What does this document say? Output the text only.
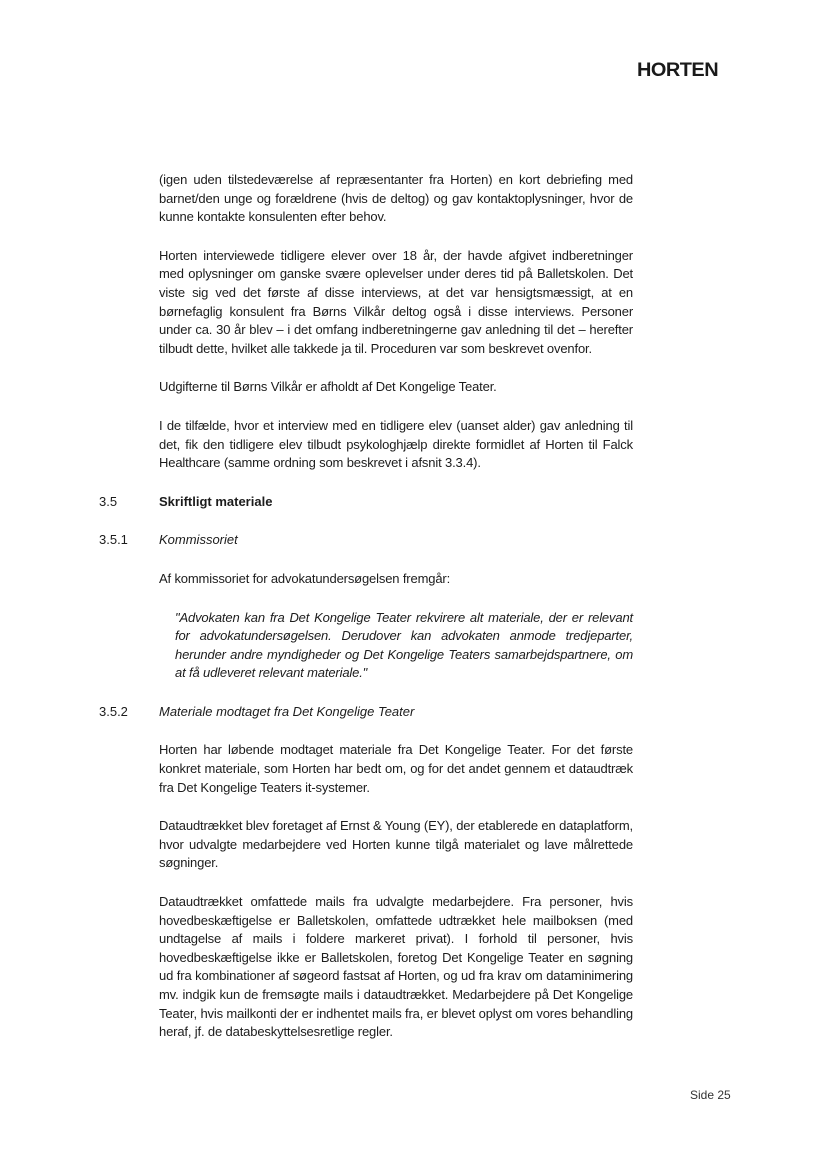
HORTEN

(igen uden tilstedeværelse af repræsentanter fra Horten) en kort debriefing med barnet/den unge og forældrene (hvis de deltog) og gav kontaktoplysninger, hvor de kunne kontakte konsulenten efter behov.

Horten interviewede tidligere elever over 18 år, der havde afgivet indberetninger med oplysninger om ganske svære oplevelser under deres tid på Balletskolen. Det viste sig ved det første af disse interviews, at det var hensigtsmæssigt, at en børnefaglig konsulent fra Børns Vilkår deltog også i disse interviews. Personer under ca. 30 år blev – i det omfang indberetningerne gav anledning til det – herefter tilbudt dette, hvilket alle takkede ja til. Proceduren var som beskrevet ovenfor.

Udgifterne til Børns Vilkår er afholdt af Det Kongelige Teater.

I de tilfælde, hvor et interview med en tidligere elev (uanset alder) gav anledning til det, fik den tidligere elev tilbudt psykologhjælp direkte formidlet af Horten til Falck Healthcare (samme ordning som beskrevet i afsnit 3.3.4).

3.5	Skriftligt materiale
3.5.1 Kommissoriet

Af kommissoriet for advokatundersøgelsen fremgår:

"Advokaten kan fra Det Kongelige Teater rekvirere alt materiale, der er relevant for advokatundersøgelsen. Derudover kan advokaten anmode tredjeparter, herunder andre myndigheder og Det Kongelige Teaters samarbejdspartnere, om at få udleveret relevant materiale."

3.5.2 Materiale modtaget fra Det Kongelige Teater

Horten har løbende modtaget materiale fra Det Kongelige Teater. For det første konkret materiale, som Horten har bedt om, og for det andet gennem et dataudtræk fra Det Kongelige Teaters it-systemer.

Dataudtrækket blev foretaget af Ernst & Young (EY), der etablerede en dataplatform, hvor udvalgte medarbejdere ved Horten kunne tilgå materialet og lave målrettede søgninger.

Dataudtrækket omfattede mails fra udvalgte medarbejdere. Fra personer, hvis hovedbeskæftigelse er Balletskolen, omfattede udtrækket hele mailboksen (med undtagelse af mails i foldere markeret privat). I forhold til personer, hvis hovedbeskæftigelse ikke er Balletskolen, foretog Det Kongelige Teater en søgning ud fra kombinationer af søgeord fastsat af Horten, og ud fra krav om dataminimering mv. indgik kun de fremsøgte mails i dataudtrækket. Medarbejdere på Det Kongelige Teater, hvis mailkonti der er indhentet mails fra, er blevet oplyst om vores behandling heraf, jf. de databeskyttelsesretlige regler.

Side 25
